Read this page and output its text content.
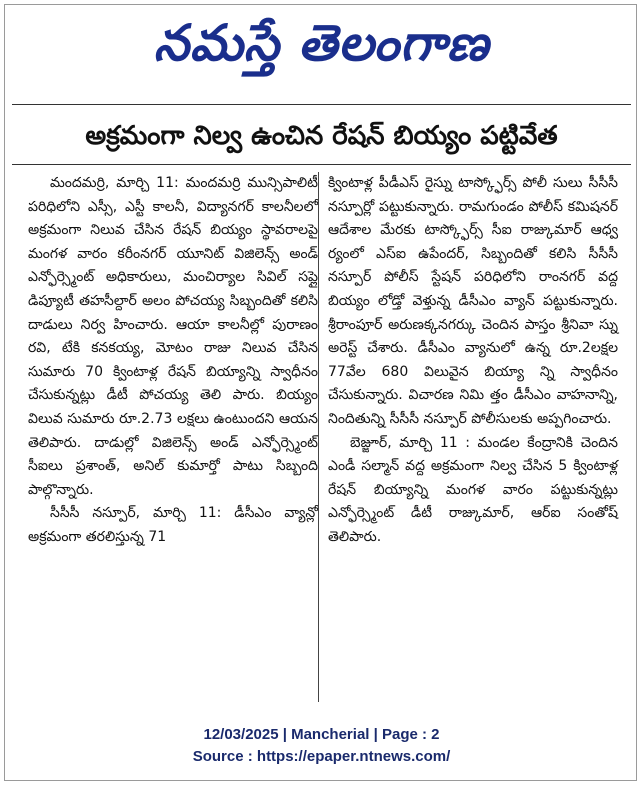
నమస్తే తెలంగాణ
అక్రమంగా నిల్వ ఉంచిన రేషన్ బియ్యం పట్టివేత

మందమర్రి, మార్చి 11: మందమర్రి మున్సిపాలిటీ పరిధిలోని ఎస్సీ, ఎస్టీ కాలనీ, విద్యానగర్ కాలనీలలో అక్రమంగా నిలువ చేసిన రేషన్ బియ్యం స్థావరాలపై మంగళ వారం కరీంనగర్ యూనిట్ విజిలెన్స్ అండ్ ఎన్ఫోర్స్మెంట్ అధికారులు, మంచిర్యాల సివిల్ సప్లై డిప్యూటీ తహసీల్దార్ అలం పోచయ్య సిబ్బందితో కలిసి దాడులు నిర్వ హించారు. ఆయా కాలనీల్లో పురాణం రవి, టేకి కనకయ్య, మోటం రాజు నిలువ చేసిన సుమారు 70 క్వింటాళ్ల రేషన్ బియ్యాన్ని స్వాధీనం చేసుకున్నట్లు డీటీ పోచయ్య తెలి పారు. బియ్యం విలువ సుమారు రూ.2.73 లక్షలు ఉంటుందని ఆయన తెలిపారు. దాడుల్లో విజిలెన్స్ అండ్ ఎన్ఫోర్స్మెంట్ సీఐలు ప్రశాంత్, అనిల్ కుమార్తో పాటు సిబ్బంది పాల్గొన్నారు.

సీసీసీ నస్పూర్, మార్చి 11: డీసీఎం వ్యాన్లో అక్రమంగా తరలిస్తున్న 71

క్వింటాళ్ల పీడీఎస్ రైస్ను టాస్క్ఫోర్స్ పోలీ సులు సీసీసీ నస్పూర్లో పట్టుకున్నారు. రామగుండం పోలీస్ కమిషనర్ ఆదేశాల మేరకు టాస్క్ఫోర్స్ సీఐ రాజ్కుమార్ ఆధ్వ ర్యంలో ఎస్ఐ ఉపేందర్, సిబ్బందితో కలిసి సీసీసీ నస్పూర్ పోలీస్ స్టేషన్ పరిధిలోని రాంనగర్ వద్ద బియ్యం లోడ్తో వెళ్తున్న డీసీఎం వ్యాన్ పట్టుకున్నారు. శ్రీరాంపూర్ అరుణక్కనగర్కు చెందిన పాస్తం శ్రీనివా స్ను అరెస్ట్ చేశారు. డీసీఎం వ్యానులో ఉన్న రూ.2లక్షల 77వేల 680 విలువైన బియ్యా న్ని స్వాధీనం చేసుకున్నారు. విచారణ నిమి త్తం డీసీఎం వాహనాన్ని, నిందితున్ని సీసీసీ నస్పూర్ పోలీసులకు అప్పగించారు.

బెజ్జూర్, మార్చి 11 : మండల కేంద్రానికి చెందిన ఎండీ సల్మాన్ వద్ద అక్రమంగా నిల్వ చేసిన 5 క్వింటాళ్ల రేషన్ బియ్యాన్ని మంగళ వారం పట్టుకున్నట్లు ఎన్ఫోర్స్మెంట్ డీటీ రాజ్కుమార్, ఆర్ఐ సంతోష్ తెలిపారు.

12/03/2025 | Mancherial | Page : 2
Source : https://epaper.ntnews.com/
